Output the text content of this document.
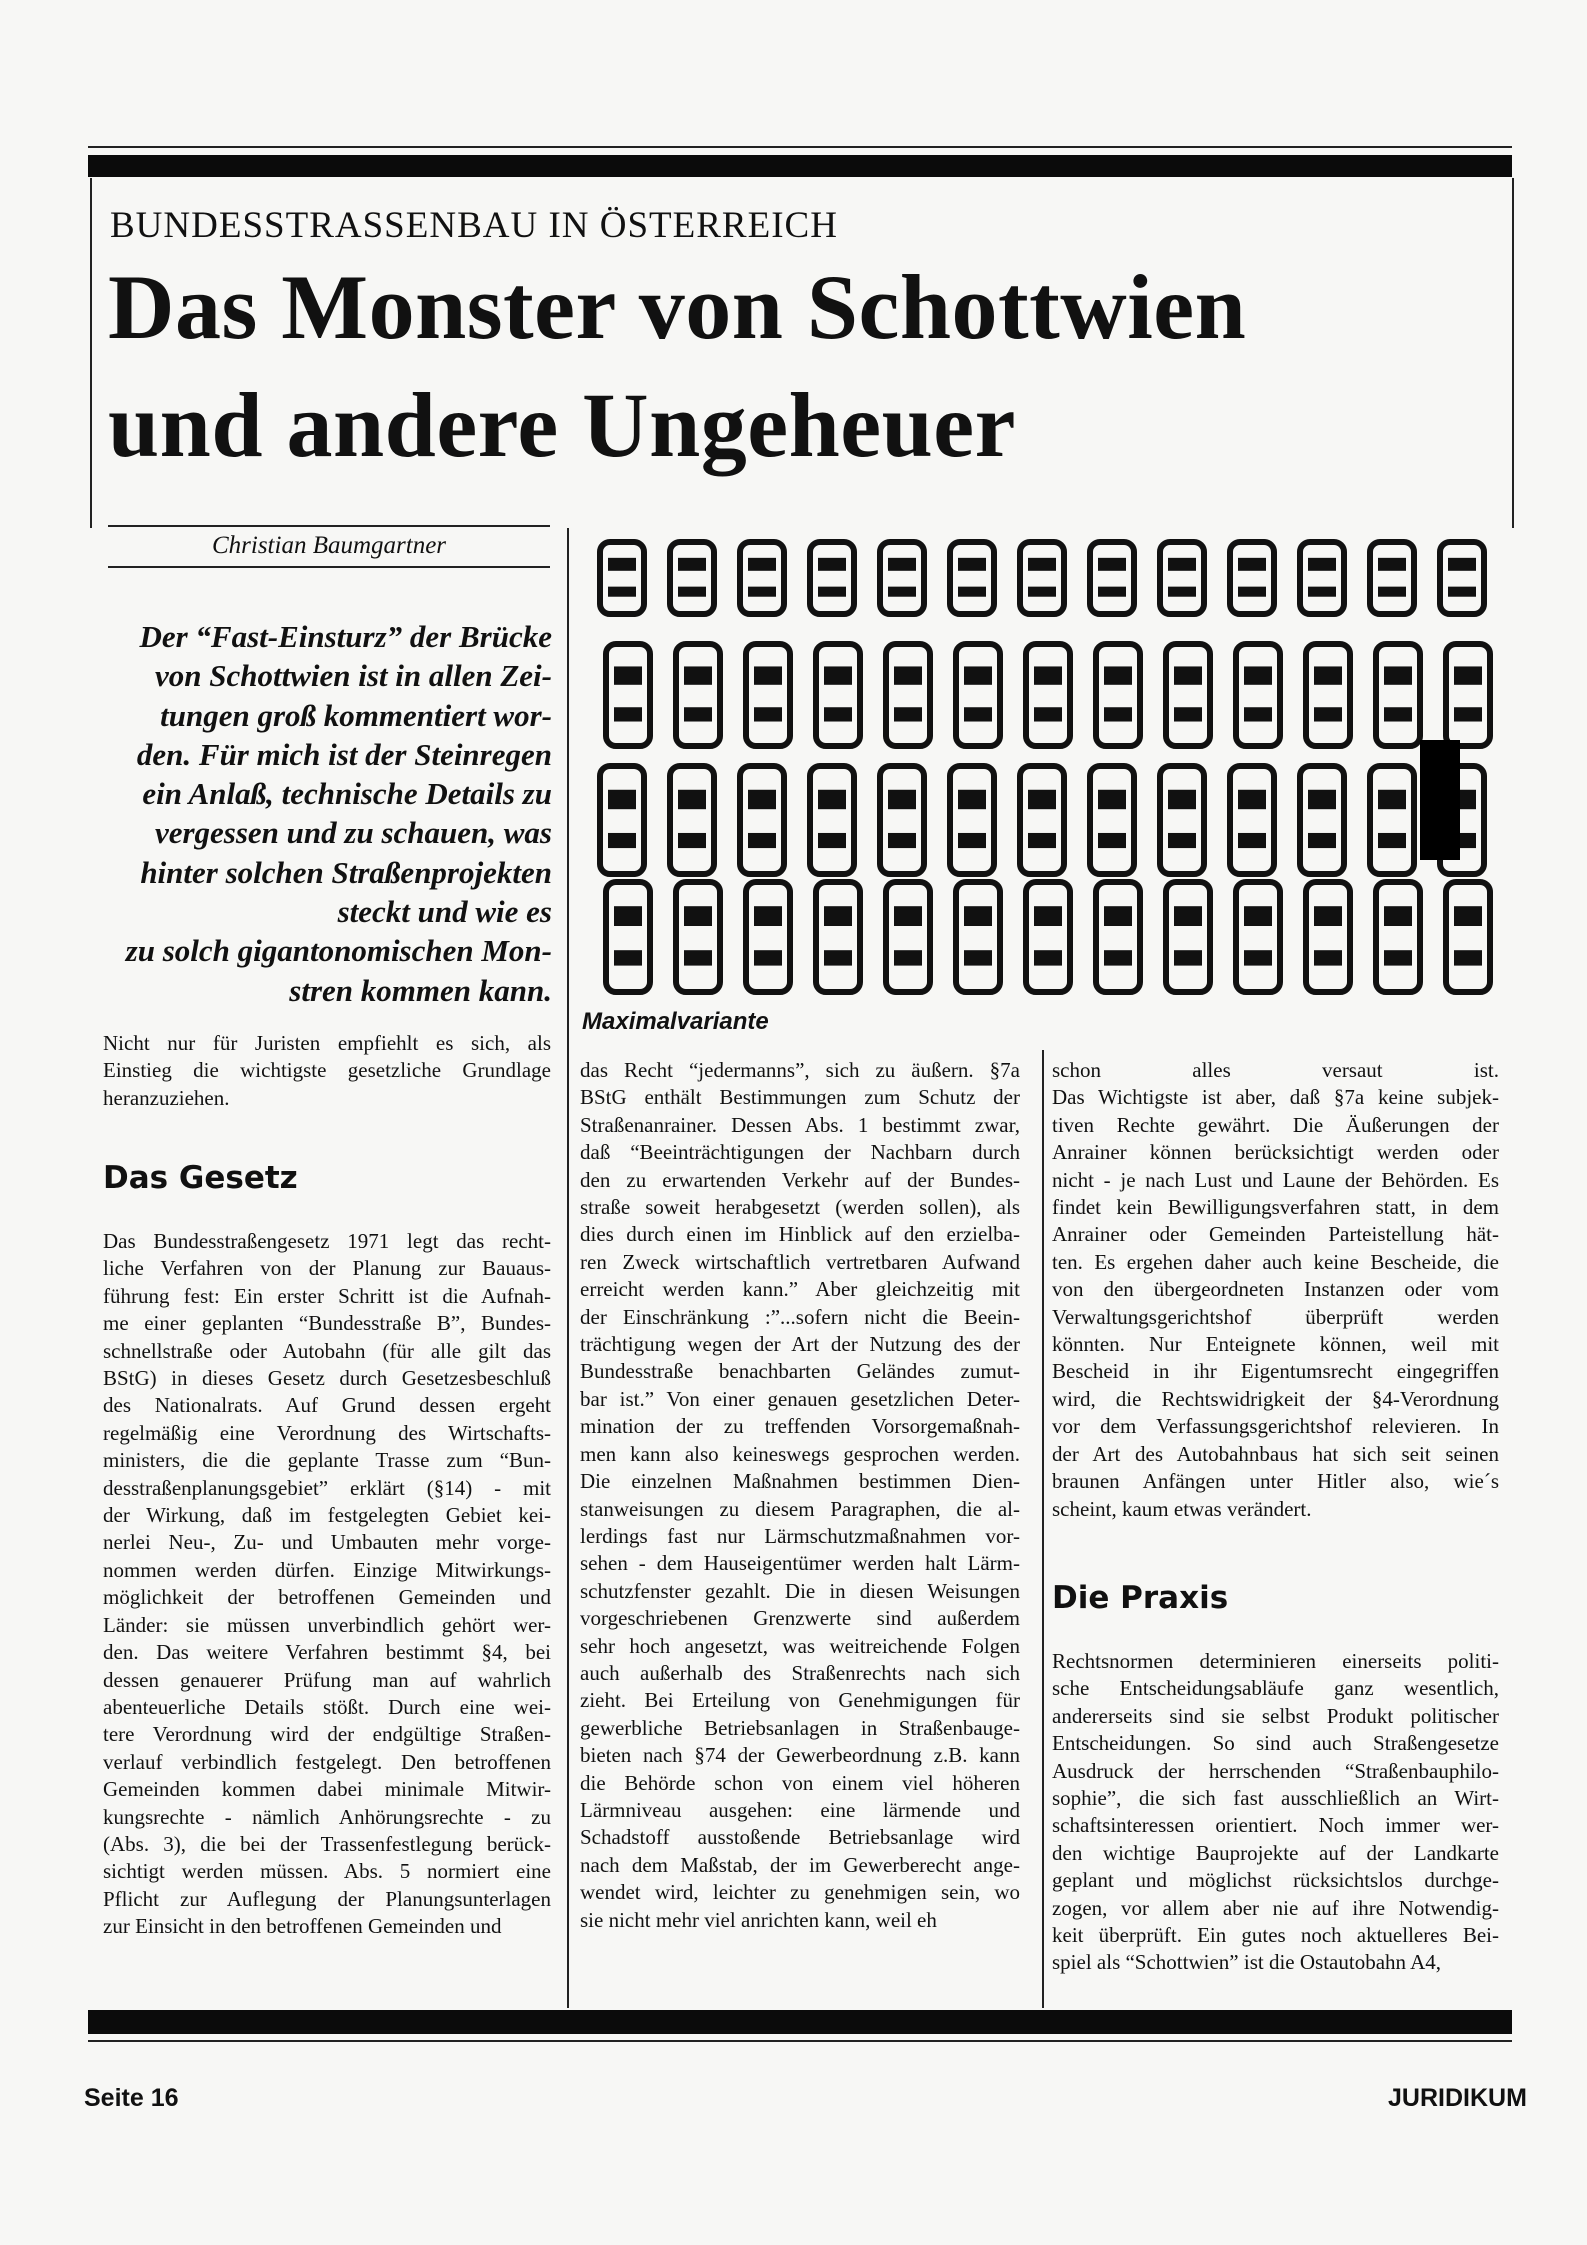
BUNDESSTRASSENBAU IN ÖSTERREICH
Das Monster von Schottwien
und andere Ungeheuer
Christian Baumgartner
Der “Fast-Einsturz” der Brücke
von Schottwien ist in allen Zei-
tungen groß kommentiert wor-
den. Für mich ist der Steinregen
ein Anlaß, technische Details zu
vergessen und zu schauen, was
hinter solchen Straßenprojekten
steckt und wie es
zu solch gigantonomischen Mon-
stren kommen kann.
Maximalvariante
Nicht nur für Juristen empfiehlt es sich, als
Einstieg die wichtigste gesetzliche Grundlage
heranzuziehen.
Das Gesetz
Das Bundesstraßengesetz 1971 legt das recht-
liche Verfahren von der Planung zur Bauaus-
führung fest: Ein erster Schritt ist die Aufnah-
me einer geplanten “Bundesstraße B”, Bundes-
schnellstraße oder Autobahn (für alle gilt das
BStG) in dieses Gesetz durch Gesetzesbeschluß
des Nationalrats. Auf Grund dessen ergeht
regelmäßig eine Verordnung des Wirtschafts-
ministers, die die geplante Trasse zum “Bun-
desstraßenplanungsgebiet” erklärt (§14) - mit
der Wirkung, daß im festgelegten Gebiet kei-
nerlei Neu-, Zu- und Umbauten mehr vorge-
nommen werden dürfen. Einzige Mitwirkungs-
möglichkeit der betroffenen Gemeinden und
Länder: sie müssen unverbindlich gehört wer-
den. Das weitere Verfahren bestimmt §4, bei
dessen genauerer Prüfung man auf wahrlich
abenteuerliche Details stößt. Durch eine wei-
tere Verordnung wird der endgültige Straßen-
verlauf verbindlich festgelegt. Den betroffenen
Gemeinden kommen dabei minimale Mitwir-
kungsrechte - nämlich Anhörungsrechte - zu
(Abs. 3), die bei der Trassenfestlegung berück-
sichtigt werden müssen. Abs. 5 normiert eine
Pflicht zur Auflegung der Planungsunterlagen
zur Einsicht in den betroffenen Gemeinden und
das Recht “jedermanns”, sich zu äußern. §7a
BStG enthält Bestimmungen zum Schutz der
Straßenanrainer. Dessen Abs. 1 bestimmt zwar,
daß “Beeinträchtigungen der Nachbarn durch
den zu erwartenden Verkehr auf der Bundes-
straße soweit herabgesetzt (werden sollen), als
dies durch einen im Hinblick auf den erzielba-
ren Zweck wirtschaftlich vertretbaren Aufwand
erreicht werden kann.” Aber gleichzeitig mit
der Einschränkung :”...sofern nicht die Beein-
trächtigung wegen der Art der Nutzung des der
Bundesstraße benachbarten Geländes zumut-
bar ist.” Von einer genauen gesetzlichen Deter-
mination der zu treffenden Vorsorgemaßnah-
men kann also keineswegs gesprochen werden.
Die einzelnen Maßnahmen bestimmen Dien-
stanweisungen zu diesem Paragraphen, die al-
lerdings fast nur Lärmschutzmaßnahmen vor-
sehen - dem Hauseigentümer werden halt Lärm-
schutzfenster gezahlt. Die in diesen Weisungen
vorgeschriebenen Grenzwerte sind außerdem
sehr hoch angesetzt, was weitreichende Folgen
auch außerhalb des Straßenrechts nach sich
zieht. Bei Erteilung von Genehmigungen für
gewerbliche Betriebsanlagen in Straßenbauge-
bieten nach §74 der Gewerbeordnung z.B. kann
die Behörde schon von einem viel höheren
Lärmniveau ausgehen: eine lärmende und
Schadstoff ausstoßende Betriebsanlage wird
nach dem Maßstab, der im Gewerberecht ange-
wendet wird, leichter zu genehmigen sein, wo
sie nicht mehr viel anrichten kann, weil eh
schon alles versaut ist.
Das Wichtigste ist aber, daß §7a keine subjek-
tiven Rechte gewährt. Die Äußerungen der
Anrainer können berücksichtigt werden oder
nicht - je nach Lust und Laune der Behörden. Es
findet kein Bewilligungsverfahren statt, in dem
Anrainer oder Gemeinden Parteistellung hät-
ten. Es ergehen daher auch keine Bescheide, die
von den übergeordneten Instanzen oder vom
Verwaltungsgerichtshof überprüft werden
könnten. Nur Enteignete können, weil mit
Bescheid in ihr Eigentumsrecht eingegriffen
wird, die Rechtswidrigkeit der §4-Verordnung
vor dem Verfassungsgerichtshof relevieren. In
der Art des Autobahnbaus hat sich seit seinen
braunen Anfängen unter Hitler also, wie´s
scheint, kaum etwas verändert.
Die Praxis
Rechtsnormen determinieren einerseits politi-
sche Entscheidungsabläufe ganz wesentlich,
andererseits sind sie selbst Produkt politischer
Entscheidungen. So sind auch Straßengesetze
Ausdruck der herrschenden “Straßenbauphilo-
sophie”, die sich fast ausschließlich an Wirt-
schaftsinteressen orientiert. Noch immer wer-
den wichtige Bauprojekte auf der Landkarte
geplant und möglichst rücksichtslos durchge-
zogen, vor allem aber nie auf ihre Notwendig-
keit überprüft. Ein gutes noch aktuelleres Bei-
spiel als “Schottwien” ist die Ostautobahn A4,
Seite 16	JURIDIKUM
